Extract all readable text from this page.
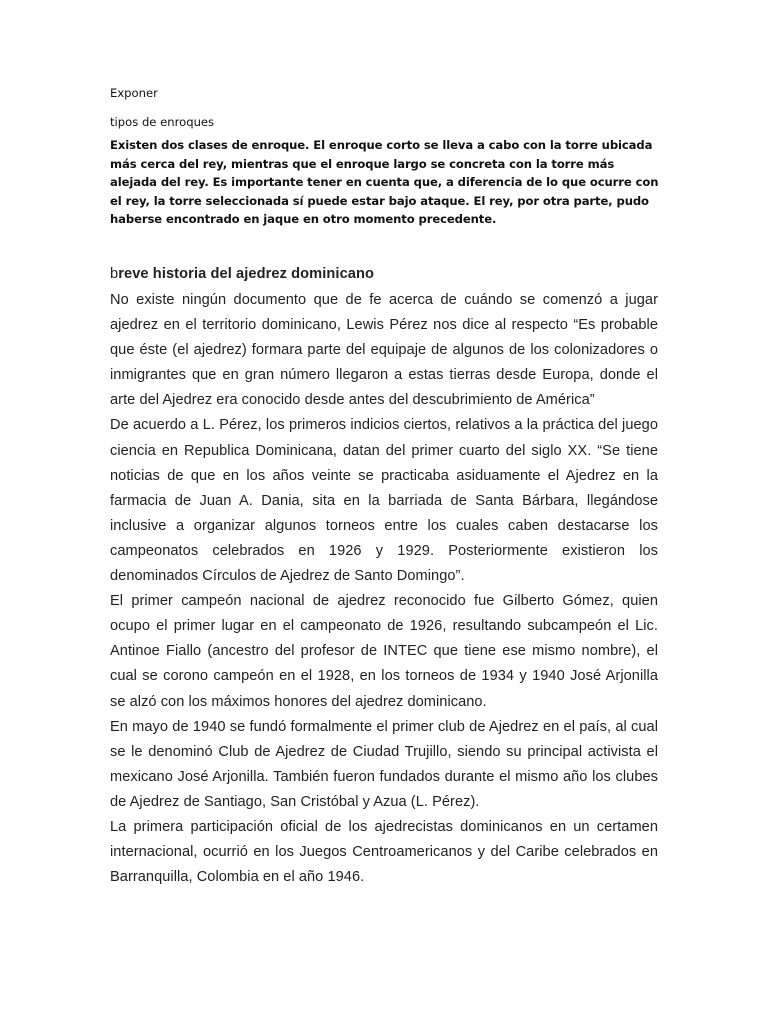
Exponer

tipos de enroques

Existen dos clases de enroque. El enroque corto se lleva a cabo con la torre ubicada más cerca del rey, mientras que el enroque largo se concreta con la torre más alejada del rey. Es importante tener en cuenta que, a diferencia de lo que ocurre con el rey, la torre seleccionada sí puede estar bajo ataque. El rey, por otra parte, pudo haberse encontrado en jaque en otro momento precedente.

breve historia del ajedrez dominicano

No existe ningún documento que de fe acerca de cuándo se comenzó a jugar ajedrez en el territorio dominicano, Lewis Pérez nos dice al respecto “Es probable que éste (el ajedrez) formara parte del equipaje de algunos de los colonizadores o inmigrantes que en gran número llegaron a estas tierras desde Europa, donde el arte del Ajedrez era conocido desde antes del descubrimiento de América”

De acuerdo a L. Pérez, los primeros indicios ciertos, relativos a la práctica del juego ciencia en Republica Dominicana, datan del primer cuarto del siglo XX. “Se tiene noticias de que en los años veinte se practicaba asiduamente el Ajedrez en la farmacia de Juan A. Dania, sita en la barriada de Santa Bárbara, llegándose inclusive a organizar algunos torneos entre los cuales caben destacarse los campeonatos celebrados en 1926 y 1929. Posteriormente existieron los denominados Círculos de Ajedrez de Santo Domingo”.

El primer campeón nacional de ajedrez reconocido fue Gilberto Gómez, quien ocupo el primer lugar en el campeonato de 1926, resultando subcampeón el Lic. Antinoe Fiallo (ancestro del profesor de INTEC que tiene ese mismo nombre), el cual se corono campeón en el 1928, en los torneos de 1934 y 1940 José Arjonilla se alzó con los máximos honores del ajedrez dominicano.

En mayo de 1940 se fundó formalmente el primer club de Ajedrez en el país, al cual se le denominó Club de Ajedrez de Ciudad Trujillo, siendo su principal activista el mexicano José Arjonilla. También fueron fundados durante el mismo año los clubes de Ajedrez de Santiago, San Cristóbal y Azua (L. Pérez).

La primera participación oficial de los ajedrecistas dominicanos en un certamen internacional, ocurrió en los Juegos Centroamericanos y del Caribe celebrados en Barranquilla, Colombia en el año 1946.
